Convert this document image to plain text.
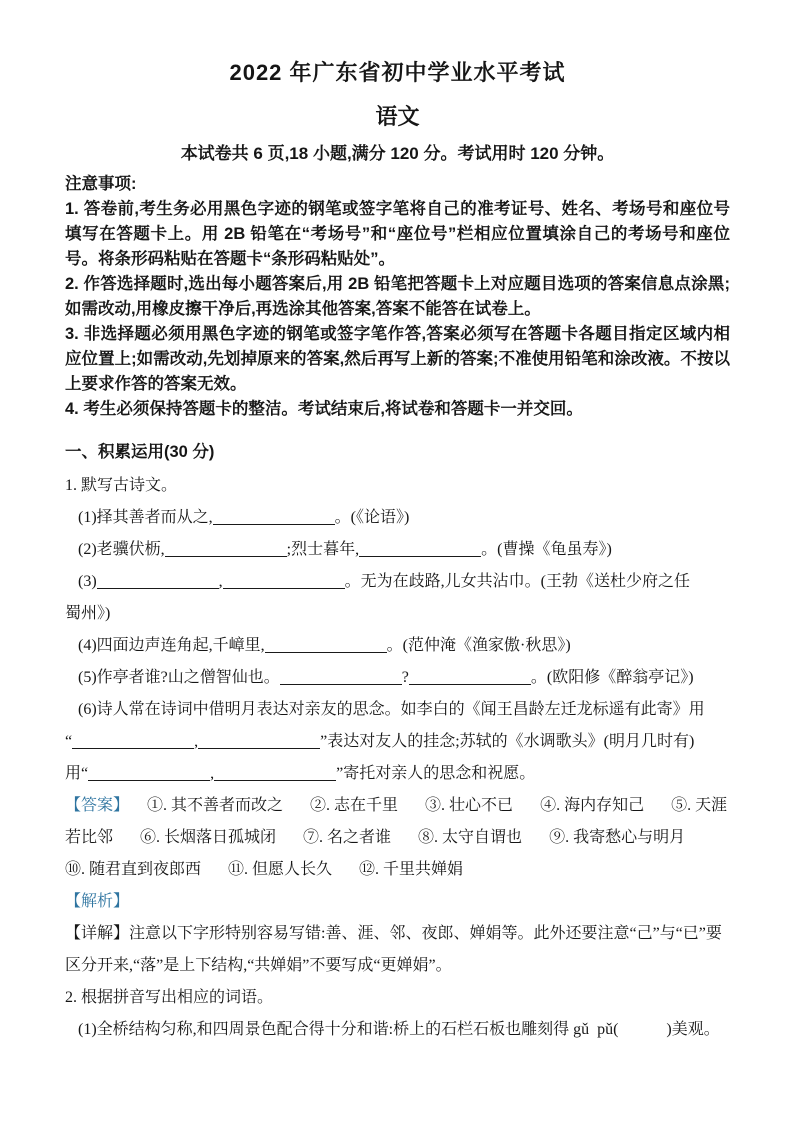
2022 年广东省初中学业水平考试
语文
本试卷共 6 页,18 小题,满分 120 分。考试用时 120 分钟。
注意事项:
1. 答卷前,考生务必用黑色字迹的钢笔或签字笔将自己的准考证号、姓名、考场号和座位号填写在答题卡上。用 2B 铅笔在“考场号”和“座位号”栏相应位置填涂自己的考场号和座位号。将条形码粘贴在答题卡“条形码粘贴处”。
2. 作答选择题时,选出每小题答案后,用 2B 铅笔把答题卡上对应题目选项的答案信息点涂黑;如需改动,用橡皮擦干净后,再选涂其他答案,答案不能答在试卷上。
3. 非选择题必须用黑色字迹的钢笔或签字笔作答,答案必须写在答题卡各题目指定区域内相应位置上;如需改动,先划掉原来的答案,然后再写上新的答案;不准使用铅笔和涂改液。不按以上要求作答的答案无效。
4. 考生必须保持答题卡的整洁。考试结束后,将试卷和答题卡一并交回。
一、积累运用(30 分)
1. 默写古诗文。
(1)择其善者而从之,	。(《论语》)
(2)老骥伏枥,	;烈士暮年,	。(曹操《龟虽寿》)
(3)	,	。无为在歧路,儿女共沾巾。(王勃《送杜少府之任
蜀州》)
(4)四面边声连角起,千嶂里,	。(范仲淹《渔家傲·秋思》)
(5)作亭者谁?山之僧智仙也。	?	。(欧阳修《醉翁亭记》)
(6)诗人常在诗词中借明月表达对亲友的思念。如李白的《闻王昌龄左迁龙标遥有此寄》用
“	,	”表达对友人的挂念;苏轼的《水调歌头》(明月几时有)
用“	,	”寄托对亲人的思念和祝愿。
【答案】 ①. 其不善者而改之 ②. 志在千里 ③. 壮心不已 ④. 海内存知己 ⑤. 天涯若比邻 ⑥. 长烟落日孤城闭 ⑦. 名之者谁 ⑧. 太守自谓也 ⑨. 我寄愁心与明月⑩. 随君直到夜郎西 ⑪. 但愿人长久 ⑫. 千里共婵娟
【解析】
【详解】注意以下字形特别容易写错:善、涯、邻、夜郎、婵娟等。此外还要注意“己”与“已”要区分开来,“落”是上下结构,“共婵娟”不要写成“更婵娟”。
2. 根据拼音写出相应的词语。
(1)全桥结构匀称,和四周景色配合得十分和谐:桥上的石栏石板也雕刻得 gǔ pǔ(　　　)美观。
